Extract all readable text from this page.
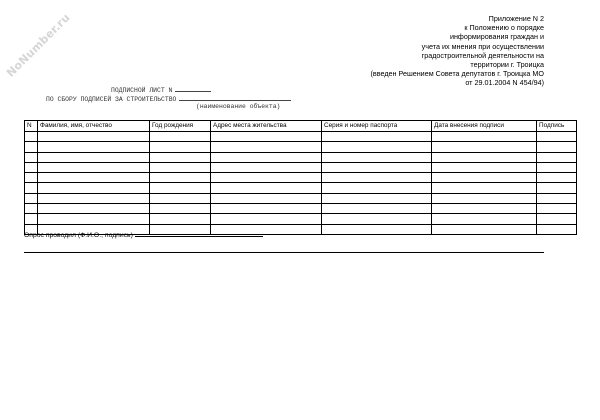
NoNumber.ru	Приложение N 2
к Положению о порядке
информирования граждан и
учета их мнения при осуществлении
градостроительной деятельности на
территории г. Троицка
(введен Решением Совета депутатов г. Троицка МО
от 29.01.2004 N 454/94)
ПОДПИСНОЙ ЛИСТ N
ПО СБОРУ ПОДПИСЕЙ ЗА СТРОИТЕЛЬСТВО
(наименование объекта)
N	Фамилия, имя, отчество	Год рождения	Адрес места жительства	Серия и номер паспорта	Дата внесения подписи	Подпись

Опрос проводил (Ф.И.О., подпись)
